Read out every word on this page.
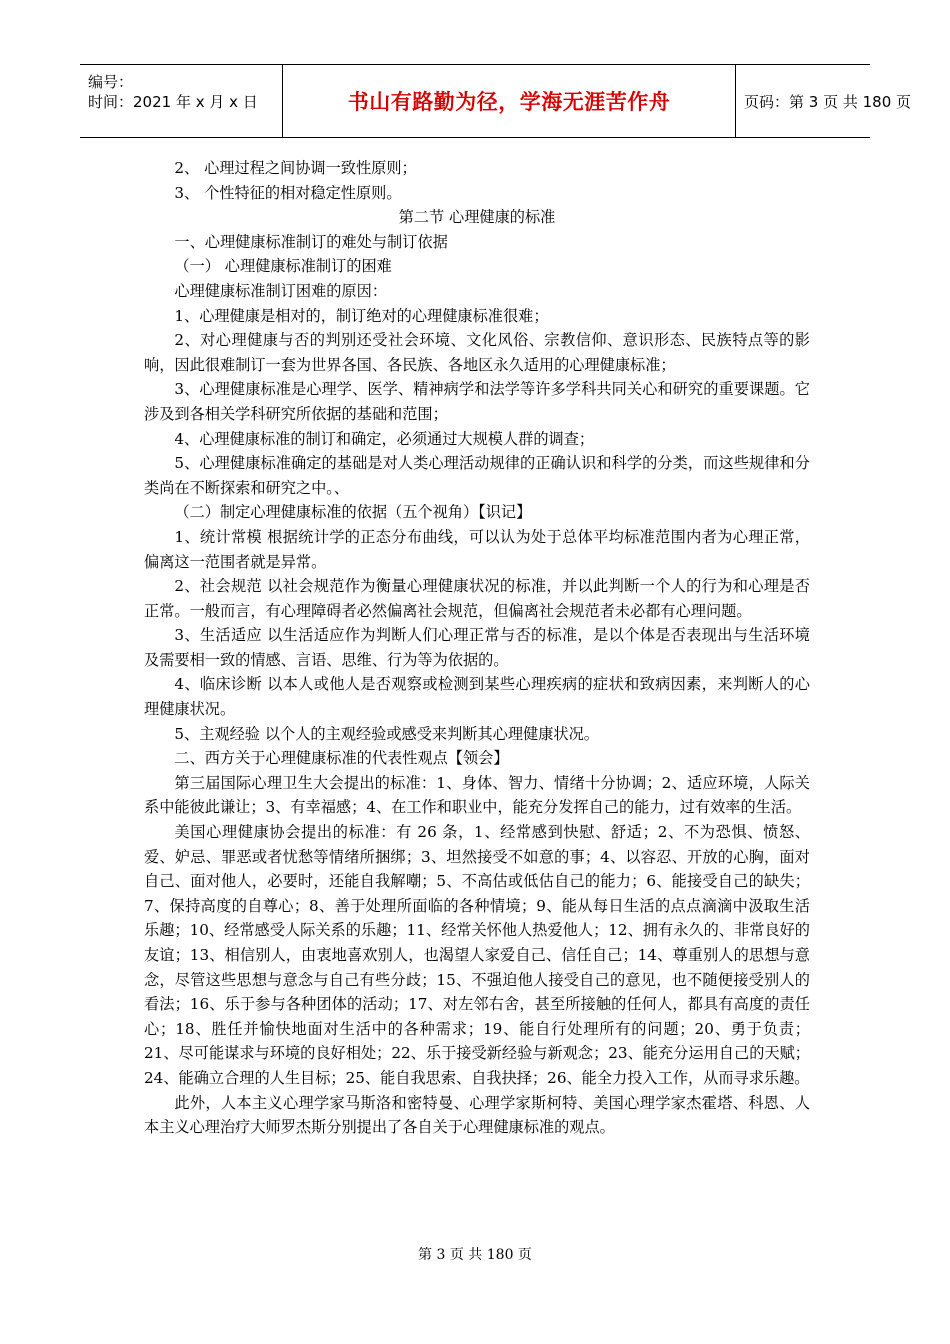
编号：
时间：2021 年 x 月 x 日	书山有路勤为径，学海无涯苦作舟	页码：第 3 页 共 180 页

2、 心理过程之间协调一致性原则；

3、 个性特征的相对稳定性原则。

第二节 心理健康的标准

一、心理健康标准制订的难处与制订依据

（一） 心理健康标准制订的困难

心理健康标准制订困难的原因：

1、心理健康是相对的，制订绝对的心理健康标准很难；

2、对心理健康与否的判别还受社会环境、文化风俗、宗教信仰、意识形态、民族特点等的影响，因此很难制订一套为世界各国、各民族、各地区永久适用的心理健康标准；

3、心理健康标准是心理学、医学、精神病学和法学等许多学科共同关心和研究的重要课题。它涉及到各相关学科研究所依据的基础和范围；

4、心理健康标准的制订和确定，必须通过大规模人群的调查；

5、心理健康标准确定的基础是对人类心理活动规律的正确认识和科学的分类，而这些规律和分类尚在不断探索和研究之中。、

（二）制定心理健康标准的依据（五个视角）【识记】

1、统计常模 根据统计学的正态分布曲线，可以认为处于总体平均标准范围内者为心理正常，偏离这一范围者就是异常。

2、社会规范 以社会规范作为衡量心理健康状况的标准，并以此判断一个人的行为和心理是否正常。一般而言，有心理障碍者必然偏离社会规范，但偏离社会规范者未必都有心理问题。

3、生活适应 以生活适应作为判断人们心理正常与否的标准，是以个体是否表现出与生活环境及需要相一致的情感、言语、思维、行为等为依据的。

4、临床诊断 以本人或他人是否观察或检测到某些心理疾病的症状和致病因素，来判断人的心理健康状况。

5、主观经验 以个人的主观经验或感受来判断其心理健康状况。

二、西方关于心理健康标准的代表性观点【领会】

第三届国际心理卫生大会提出的标准：1、身体、智力、情绪十分协调；2、适应环境，人际关系中能彼此谦让；3、有幸福感；4、在工作和职业中，能充分发挥自己的能力，过有效率的生活。

美国心理健康协会提出的标准：有 26 条，1、经常感到快慰、舒适；2、不为恐惧、愤怒、爱、妒忌、罪恶或者忧愁等情绪所捆绑；3、坦然接受不如意的事；4、以容忍、开放的心胸，面对自己、面对他人，必要时，还能自我解嘲；5、不高估或低估自己的能力；6、能接受自己的缺失；7、保持高度的自尊心；8、善于处理所面临的各种情境；9、能从每日生活的点点滴滴中汲取生活乐趣；10、经常感受人际关系的乐趣；11、经常关怀他人热爱他人；12、拥有永久的、非常良好的友谊；13、相信别人，由衷地喜欢别人，也渴望人家爱自己、信任自己；14、尊重别人的思想与意念，尽管这些思想与意念与自己有些分歧；15、不强迫他人接受自己的意见，也不随便接受别人的看法；16、乐于参与各种团体的活动；17、对左邻右舍，甚至所接触的任何人，都具有高度的责任心；18、胜任并愉快地面对生活中的各种需求；19、能自行处理所有的问题；20、勇于负责；21、尽可能谋求与环境的良好相处；22、乐于接受新经验与新观念；23、能充分运用自己的天赋；24、能确立合理的人生目标；25、能自我思索、自我抉择；26、能全力投入工作，从而寻求乐趣。

此外，人本主义心理学家马斯洛和密特曼、心理学家斯柯特、美国心理学家杰霍塔、科恩、人本主义心理治疗大师罗杰斯分别提出了各自关于心理健康标准的观点。

第 3 页 共 180 页
